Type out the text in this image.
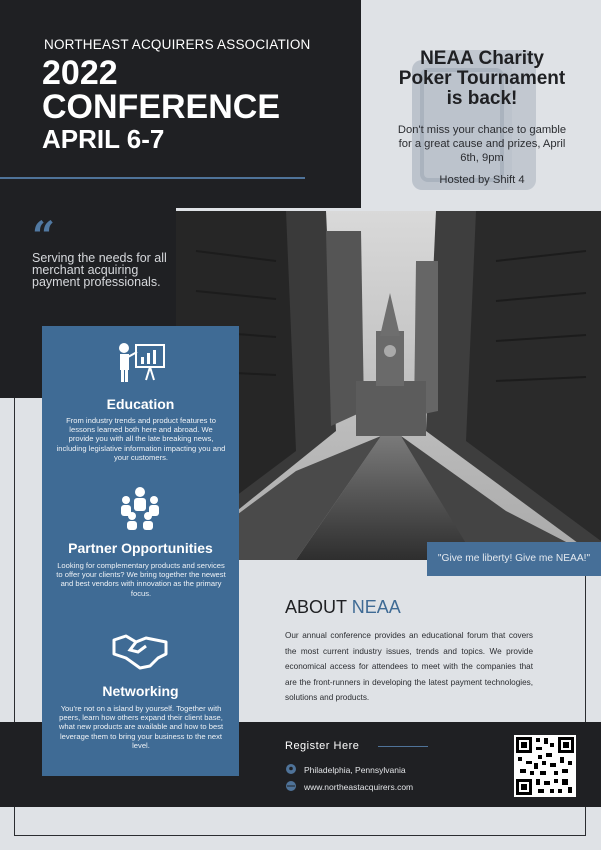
NORTHEAST ACQUIRERS ASSOCIATION
2022
CONFERENCE
APRIL 6-7
“
Serving the needs for all merchant acquiring payment professionals.
NEAA Charity
Poker Tournament
is back!
Don't miss your chance to gamble for a great cause and prizes, April 6th, 9pm
Hosted by Shift 4
"Give me liberty! Give me NEAA!"
Education
From industry trends and product features to lessons learned both here and abroad. We provide you with all the late breaking news, including legislative information impacting you and your customers.
Partner Opportunities
Looking for complementary products and services to offer your clients? We bring together the newest and best vendors with innovation as the primary focus.
Networking
ABOUT NEAA
Our annual conference provides an educational forum that covers the most current industry issues, trends and topics. We provide economical access for attendees to meet with the companies that are the front-runners in developing the latest payment technologies, solutions and products.
You're not on a island by yourself. Together with peers, learn how others expand their client base, what new products are available and how to best leverage them to bring your business to the next level.	Register Here
Philadelphia, Pennsylvania
www.northeastacquirers.com
